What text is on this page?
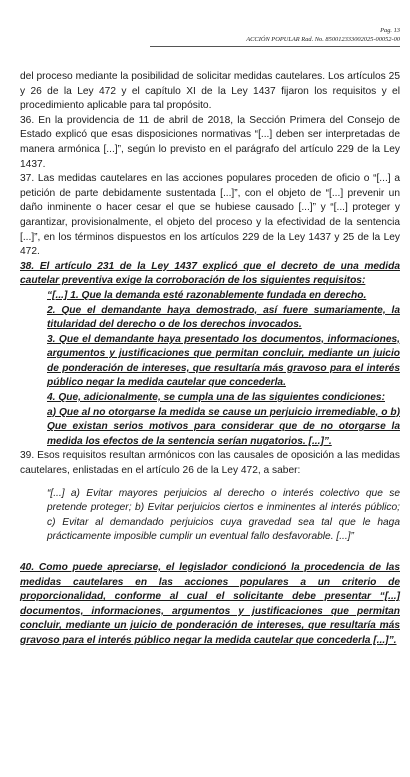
Pag. 13
ACCIÓN POPULAR Rad. No. 850012333002025-00052-00

del proceso mediante la posibilidad de solicitar medidas cautelares. Los artículos 25 y 26 de la Ley 472 y el capítulo XI de la Ley 1437 fijaron los requisitos y el procedimiento aplicable para tal propósito.

36. En la providencia de 11 de abril de 2018, la Sección Primera del Consejo de Estado explicó que esas disposiciones normativas “[...] deben ser interpretadas de manera armónica [...]”, según lo previsto en el parágrafo del artículo 229 de la Ley 1437.

37. Las medidas cautelares en las acciones populares proceden de oficio o “[...] a petición de parte debidamente sustentada [...]”, con el objeto de “[...] prevenir un daño inminente o hacer cesar el que se hubiese causado [...]” y “[...] proteger y garantizar, provisionalmente, el objeto del proceso y la efectividad de la sentencia [...]”, en los términos dispuestos en los artículos 229 de la Ley 1437 y 25 de la Ley 472.

38. El artículo 231 de la Ley 1437 explicó que el decreto de una medida cautelar preventiva exige la corroboración de los siguientes requisitos:

“[...] 1. Que la demanda esté razonablemente fundada en derecho.

2. Que el demandante haya demostrado, así fuere sumariamente, la titularidad del derecho o de los derechos invocados.

3. Que el demandante haya presentado los documentos, informaciones, argumentos y justificaciones que permitan concluir, mediante un juicio de ponderación de intereses, que resultaría más gravoso para el interés público negar la medida cautelar que concederla.

4. Que, adicionalmente, se cumpla una de las siguientes condiciones:

a) Que al no otorgarse la medida se cause un perjuicio irremediable, o b) Que existan serios motivos para considerar que de no otorgarse la medida los efectos de la sentencia serían nugatorios. [...]”.

39. Esos requisitos resultan armónicos con las causales de oposición a las medidas cautelares, enlistadas en el artículo 26 de la Ley 472, a saber:

“[...] a) Evitar mayores perjuicios al derecho o interés colectivo que se pretende proteger; b) Evitar perjuicios ciertos e inminentes al interés público; c) Evitar al demandado perjuicios cuya gravedad sea tal que le haga prácticamente imposible cumplir un eventual fallo desfavorable. [...]”

40. Como puede apreciarse, el legislador condicionó la procedencia de las medidas cautelares en las acciones populares a un criterio de proporcionalidad, conforme al cual el solicitante debe presentar “[...] documentos, informaciones, argumentos y justificaciones que permitan concluir, mediante un juicio de ponderación de intereses, que resultaría más gravoso para el interés público negar la medida cautelar que concederla [...]”.
